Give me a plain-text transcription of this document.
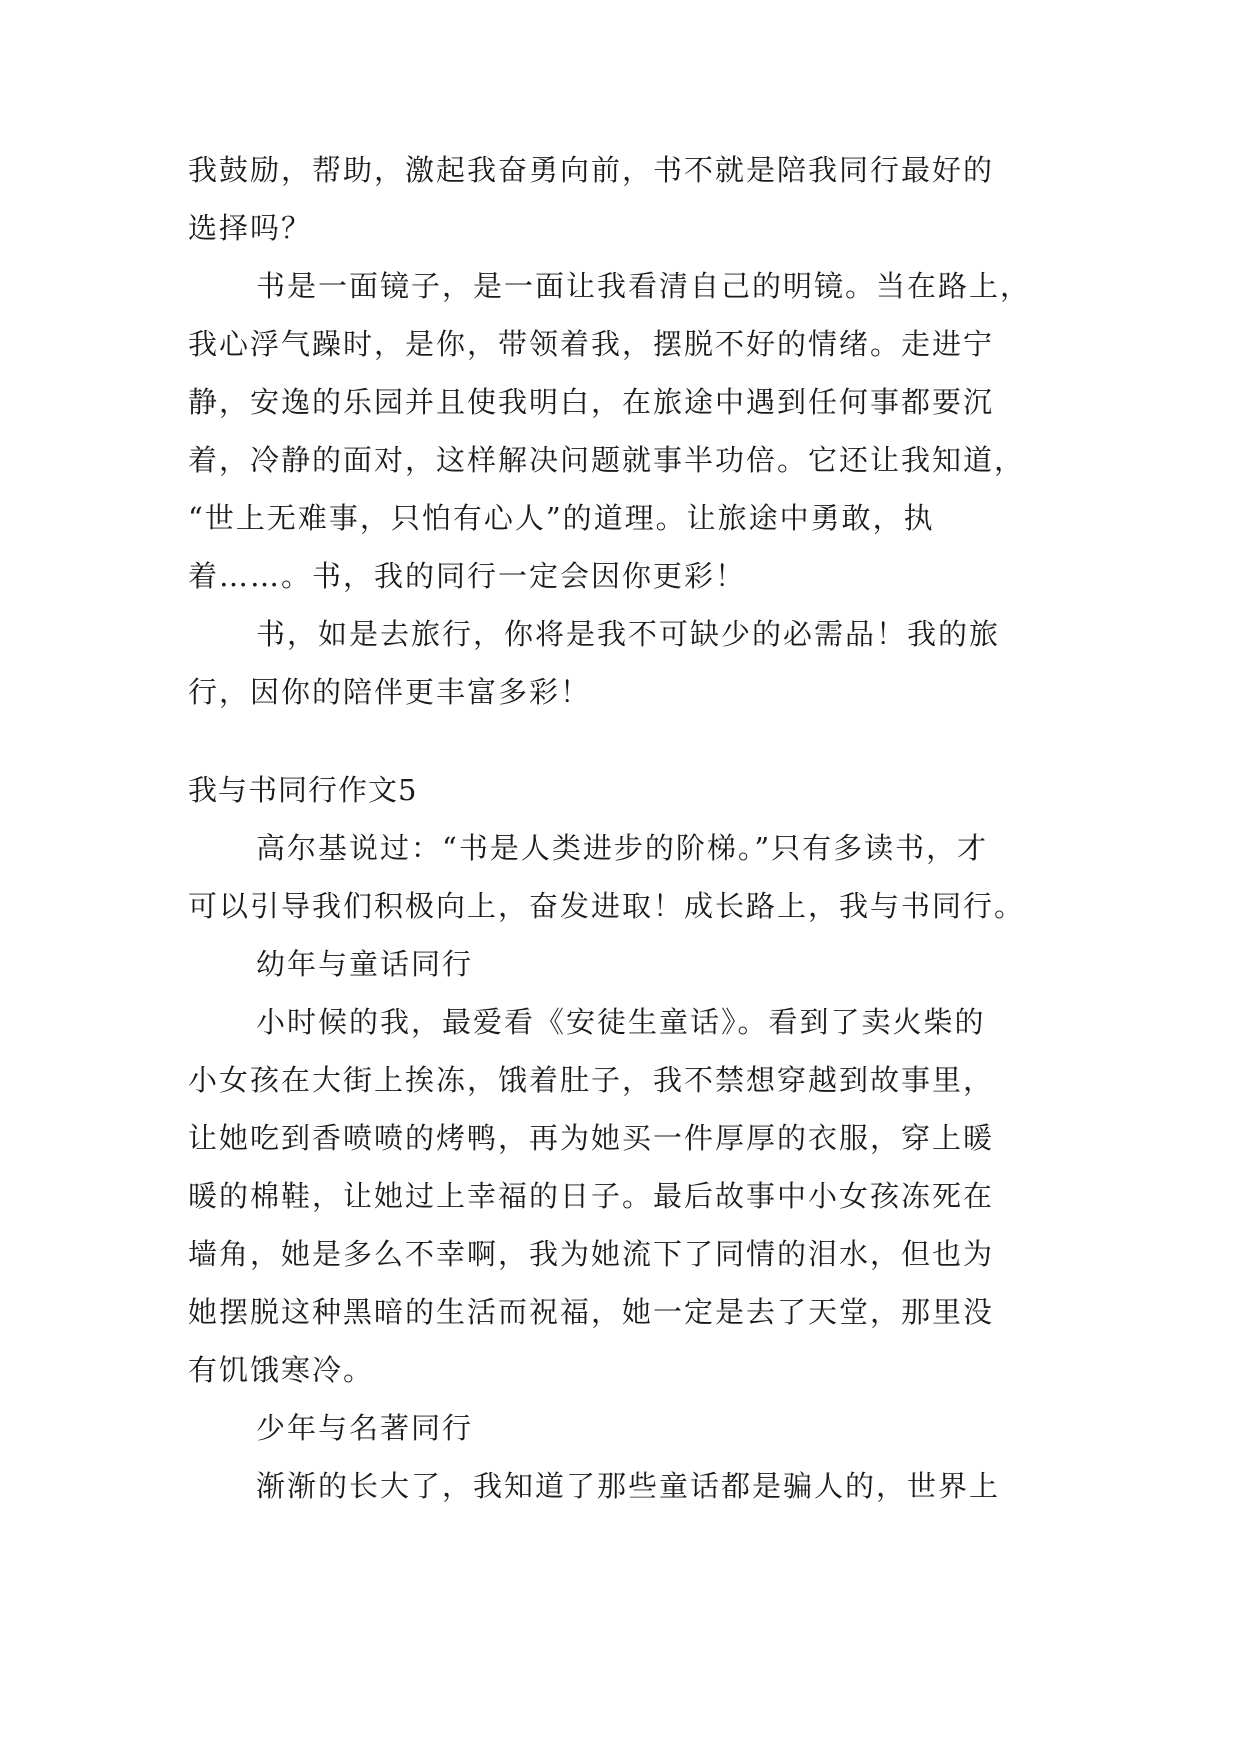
我鼓励，帮助，激起我奋勇向前，书不就是陪我同行最好的
选择吗？
书是一面镜子，是一面让我看清自己的明镜。当在路上，
我心浮气躁时，是你，带领着我，摆脱不好的情绪。走进宁
静，安逸的乐园并且使我明白，在旅途中遇到任何事都要沉
着，冷静的面对，这样解决问题就事半功倍。它还让我知道，
“世上无难事，只怕有心人”的道理。让旅途中勇敢，执
着……。书，我的同行一定会因你更彩！
书，如是去旅行，你将是我不可缺少的必需品！我的旅
行，因你的陪伴更丰富多彩！
我与书同行作文5
高尔基说过：“书是人类进步的阶梯。”只有多读书，才
可以引导我们积极向上，奋发进取！成长路上，我与书同行。
幼年与童话同行
小时候的我，最爱看《安徒生童话》。看到了卖火柴的
小女孩在大街上挨冻，饿着肚子，我不禁想穿越到故事里，
让她吃到香喷喷的烤鸭，再为她买一件厚厚的衣服，穿上暖
暖的棉鞋，让她过上幸福的日子。最后故事中小女孩冻死在
墙角，她是多么不幸啊，我为她流下了同情的泪水，但也为
她摆脱这种黑暗的生活而祝福，她一定是去了天堂，那里没
有饥饿寒冷。
少年与名著同行
渐渐的长大了，我知道了那些童话都是骗人的，世界上
